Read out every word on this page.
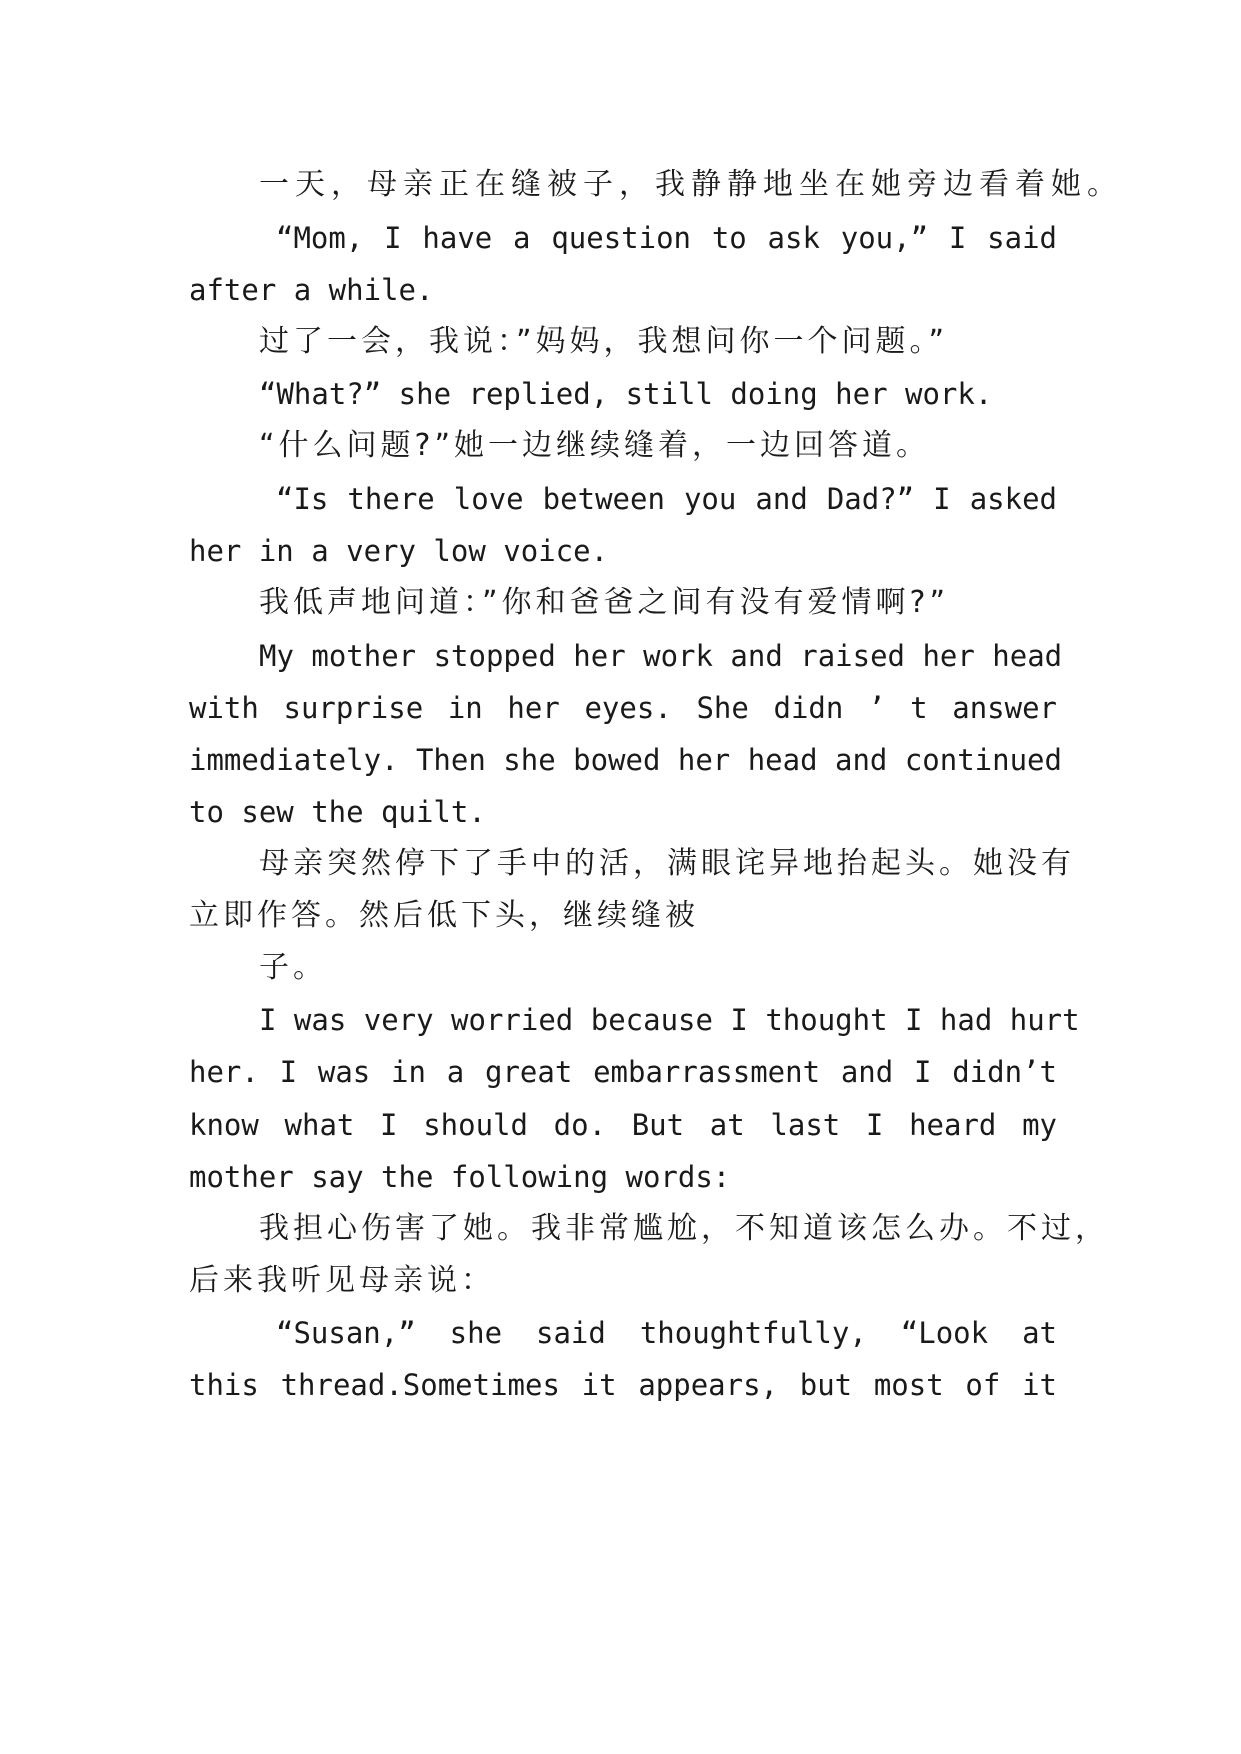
一天，母亲正在缝被子，我静静地坐在她旁边看着她。
“Mom, I have a question to ask you,” I said
after a while.
过了一会，我说：”妈妈，我想问你一个问题。”
“What?” she replied, still doing her work.
“什么问题?”她一边继续缝着，一边回答道。
“Is there love between you and Dad?” I asked
her in a very low voice.
我低声地问道：”你和爸爸之间有没有爱情啊?”
My mother stopped her work and raised her head
with surprise in her eyes. She didn ’ t answer
immediately. Then she bowed her head and continued
to sew the quilt.
母亲突然停下了手中的活，满眼诧异地抬起头。她没有
立即作答。然后低下头，继续缝被
子。
I was very worried because I thought I had hurt
her. I was in a great embarrassment and I didn’t
know what I should do. But at last I heard my
mother say the following words:
我担心伤害了她。我非常尴尬，不知道该怎么办。不过，
后来我听见母亲说：
“Susan,” she said thoughtfully, “Look at
this thread.Sometimes it appears, but most of it
